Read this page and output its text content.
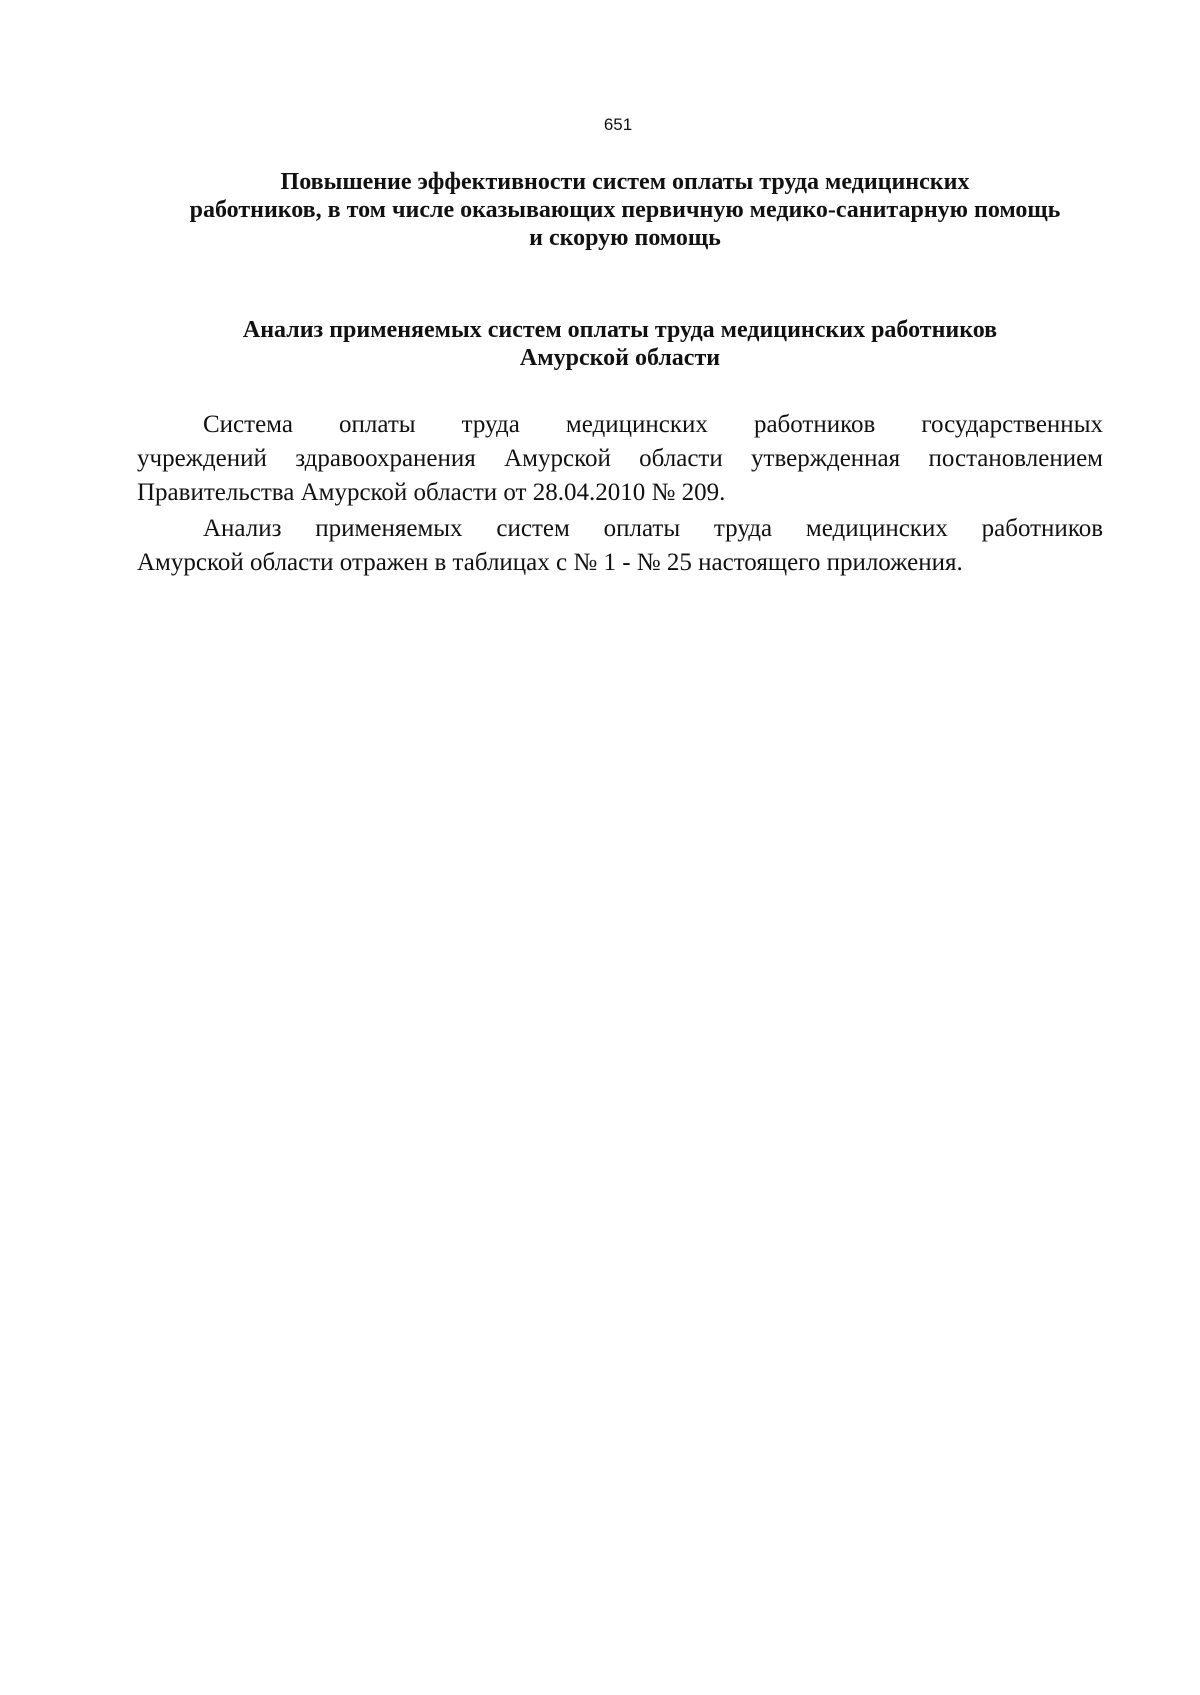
651
Повышение эффективности систем оплаты труда медицинских
работников, в том числе оказывающих первичную медико-санитарную помощь
и скорую помощь
Анализ применяемых систем оплаты труда медицинских работников
Амурской области
Система оплаты труда медицинских работников государственных
учреждений здравоохранения Амурской области утвержденная постановлением
Правительства Амурской области от 28.04.2010 № 209.
Анализ применяемых систем оплаты труда медицинских работников
Амурской области отражен в таблицах с № 1 - № 25 настоящего приложения.
